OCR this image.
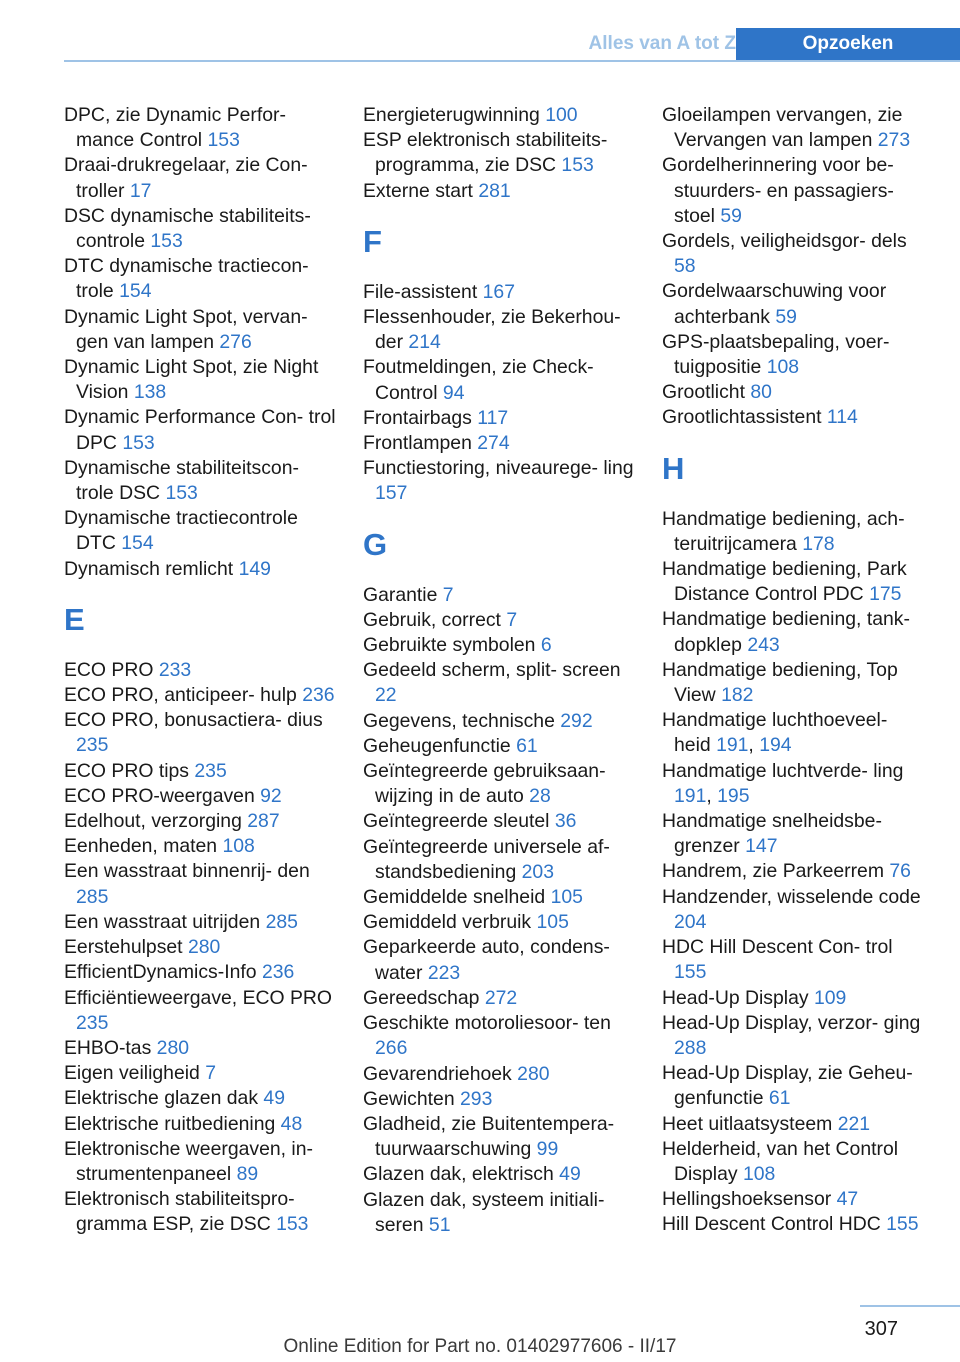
Alles van A tot Z	Opzoeken
DPC, zie Dynamic Perfor‐ mance Control 153
Draai-drukregelaar, zie Con‐ troller 17
DSC dynamische stabiliteits‐ controle 153
DTC dynamische tractiecon‐ trole 154
Dynamic Light Spot, vervan‐ gen van lampen 276
Dynamic Light Spot, zie Night Vision 138
Dynamic Performance Con‐ trol DPC 153
Dynamische stabiliteitscon‐ trole DSC 153
Dynamische tractiecontrole DTC 154
Dynamisch remlicht 149
E
ECO PRO 233
ECO PRO, anticipeer‐ hulp 236
ECO PRO, bonusactiera‐ dius 235
ECO PRO tips 235
ECO PRO-weergaven 92
Edelhout, verzorging 287
Eenheden, maten 108
Een wasstraat binnenrij‐ den 285
Een wasstraat uitrijden 285
Eerstehulpset 280
EfficientDynamics-Info 236
Efficiëntieweergave, ECO PRO 235
EHBO-tas 280
Eigen veiligheid 7
Elektrische glazen dak 49
Elektrische ruitbediening 48
Elektronische weergaven, in‐ strumentenpaneel 89
Elektronisch stabiliteitspro‐ gramma ESP, zie DSC 153
Energieterugwinning 100
ESP elektronisch stabiliteits‐ programma, zie DSC 153
Externe start 281
F
File-assistent 167
Flessenhouder, zie Bekerhou‐ der 214
Foutmeldingen, zie Check- Control 94
Frontairbags 117
Frontlampen 274
Functiestoring, niveaurege‐ ling 157
G
Garantie 7
Gebruik, correct 7
Gebruikte symbolen 6
Gedeeld scherm, split- screen 22
Gegevens, technische 292
Geheugenfunctie 61
Geïntegreerde gebruiksaan‐ wijzing in de auto 28
Geïntegreerde sleutel 36
Geïntegreerde universele af‐ standsbediening 203
Gemiddelde snelheid 105
Gemiddeld verbruik 105
Geparkeerde auto, condens‐ water 223
Gereedschap 272
Geschikte motoroliesoor‐ ten 266
Gevarendriehoek 280
Gewichten 293
Gladheid, zie Buitentempera‐ tuurwaarschuwing 99
Glazen dak, elektrisch 49
Glazen dak, systeem initiali‐ seren 51
Gloeilampen vervangen, zie Vervangen van lampen 273
Gordelherinnering voor be‐ stuurders- en passagiers‐ stoel 59
Gordels, veiligheidsgor‐ dels 58
Gordelwaarschuwing voor achterbank 59
GPS-plaatsbepaling, voer‐ tuigpositie 108
Grootlicht 80
Grootlichtassistent 114
H
Handmatige bediening, ach‐ teruitrijcamera 178
Handmatige bediening, Park Distance Control PDC 175
Handmatige bediening, tank‐ dopklep 243
Handmatige bediening, Top View 182
Handmatige luchthoeveel‐ heid 191, 194
Handmatige luchtverde‐ ling 191, 195
Handmatige snelheidsbe‐ grenzer 147
Handrem, zie Parkeerrem 76
Handzender, wisselende code 204
HDC Hill Descent Con‐ trol 155
Head-Up Display 109
Head-Up Display, verzor‐ ging 288
Head-Up Display, zie Geheu‐ genfunctie 61
Heet uitlaatsysteem 221
Helderheid, van het Control Display 108
Hellingshoeksensor 47
Hill Descent Control HDC 155
307
Online Edition for Part no. 01402977606 - II/17
